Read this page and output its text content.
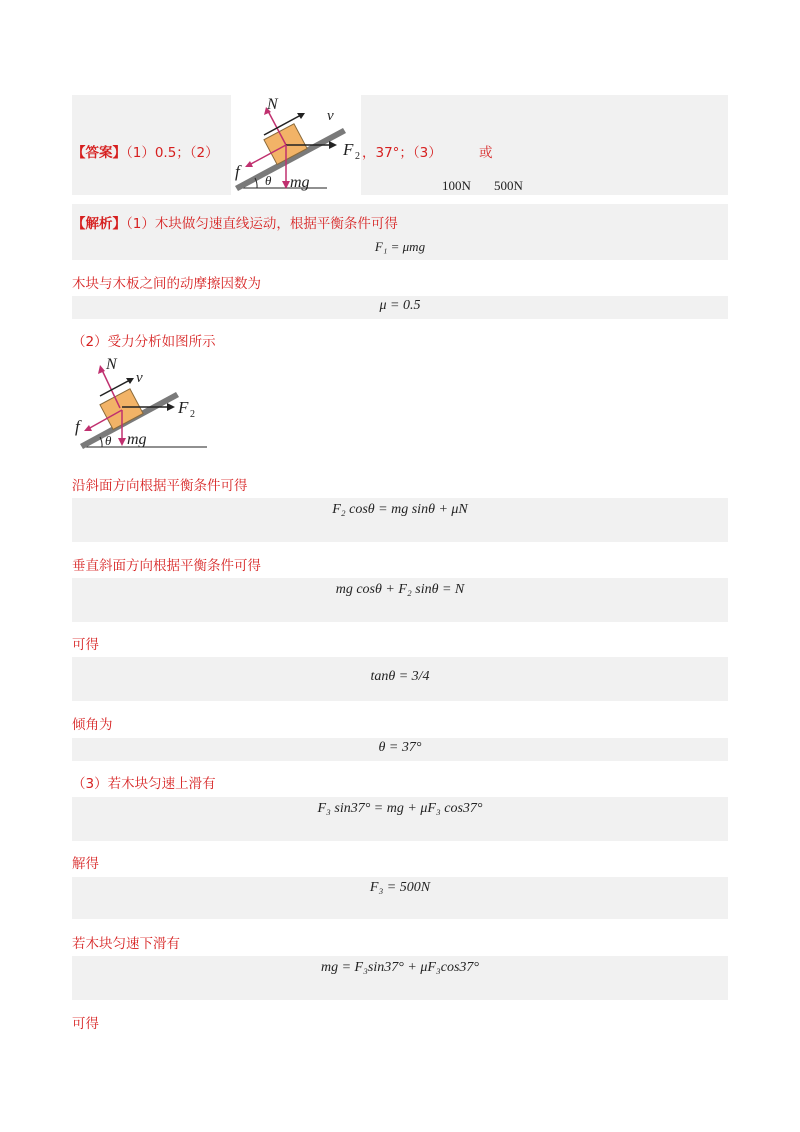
N
v
F 2
f θ mg
【答案】（1）0.5；（2）	，37°；（3）	或
100N 500N
【解析】（1）木块做匀速直线运动，根据平衡条件可得
F₁ = μmg
木块与木板之间的动摩擦因数为
μ = 0.5
（2）受力分析如图所示
N
v
F 2
f
θ mg
沿斜面方向根据平衡条件可得
F₂ cosθ = mg sinθ + μN
垂直斜面方向根据平衡条件可得
mg cosθ + F₂ sinθ = N
可得
tanθ = 3/4
倾角为
θ = 37°
（3）若木块匀速上滑有
F₃ sin37° = mg + μF₃ cos37°
解得
F₃ = 500N
若木块匀速下滑有
mg = F₃sin37° + μF₃cos37°
可得
